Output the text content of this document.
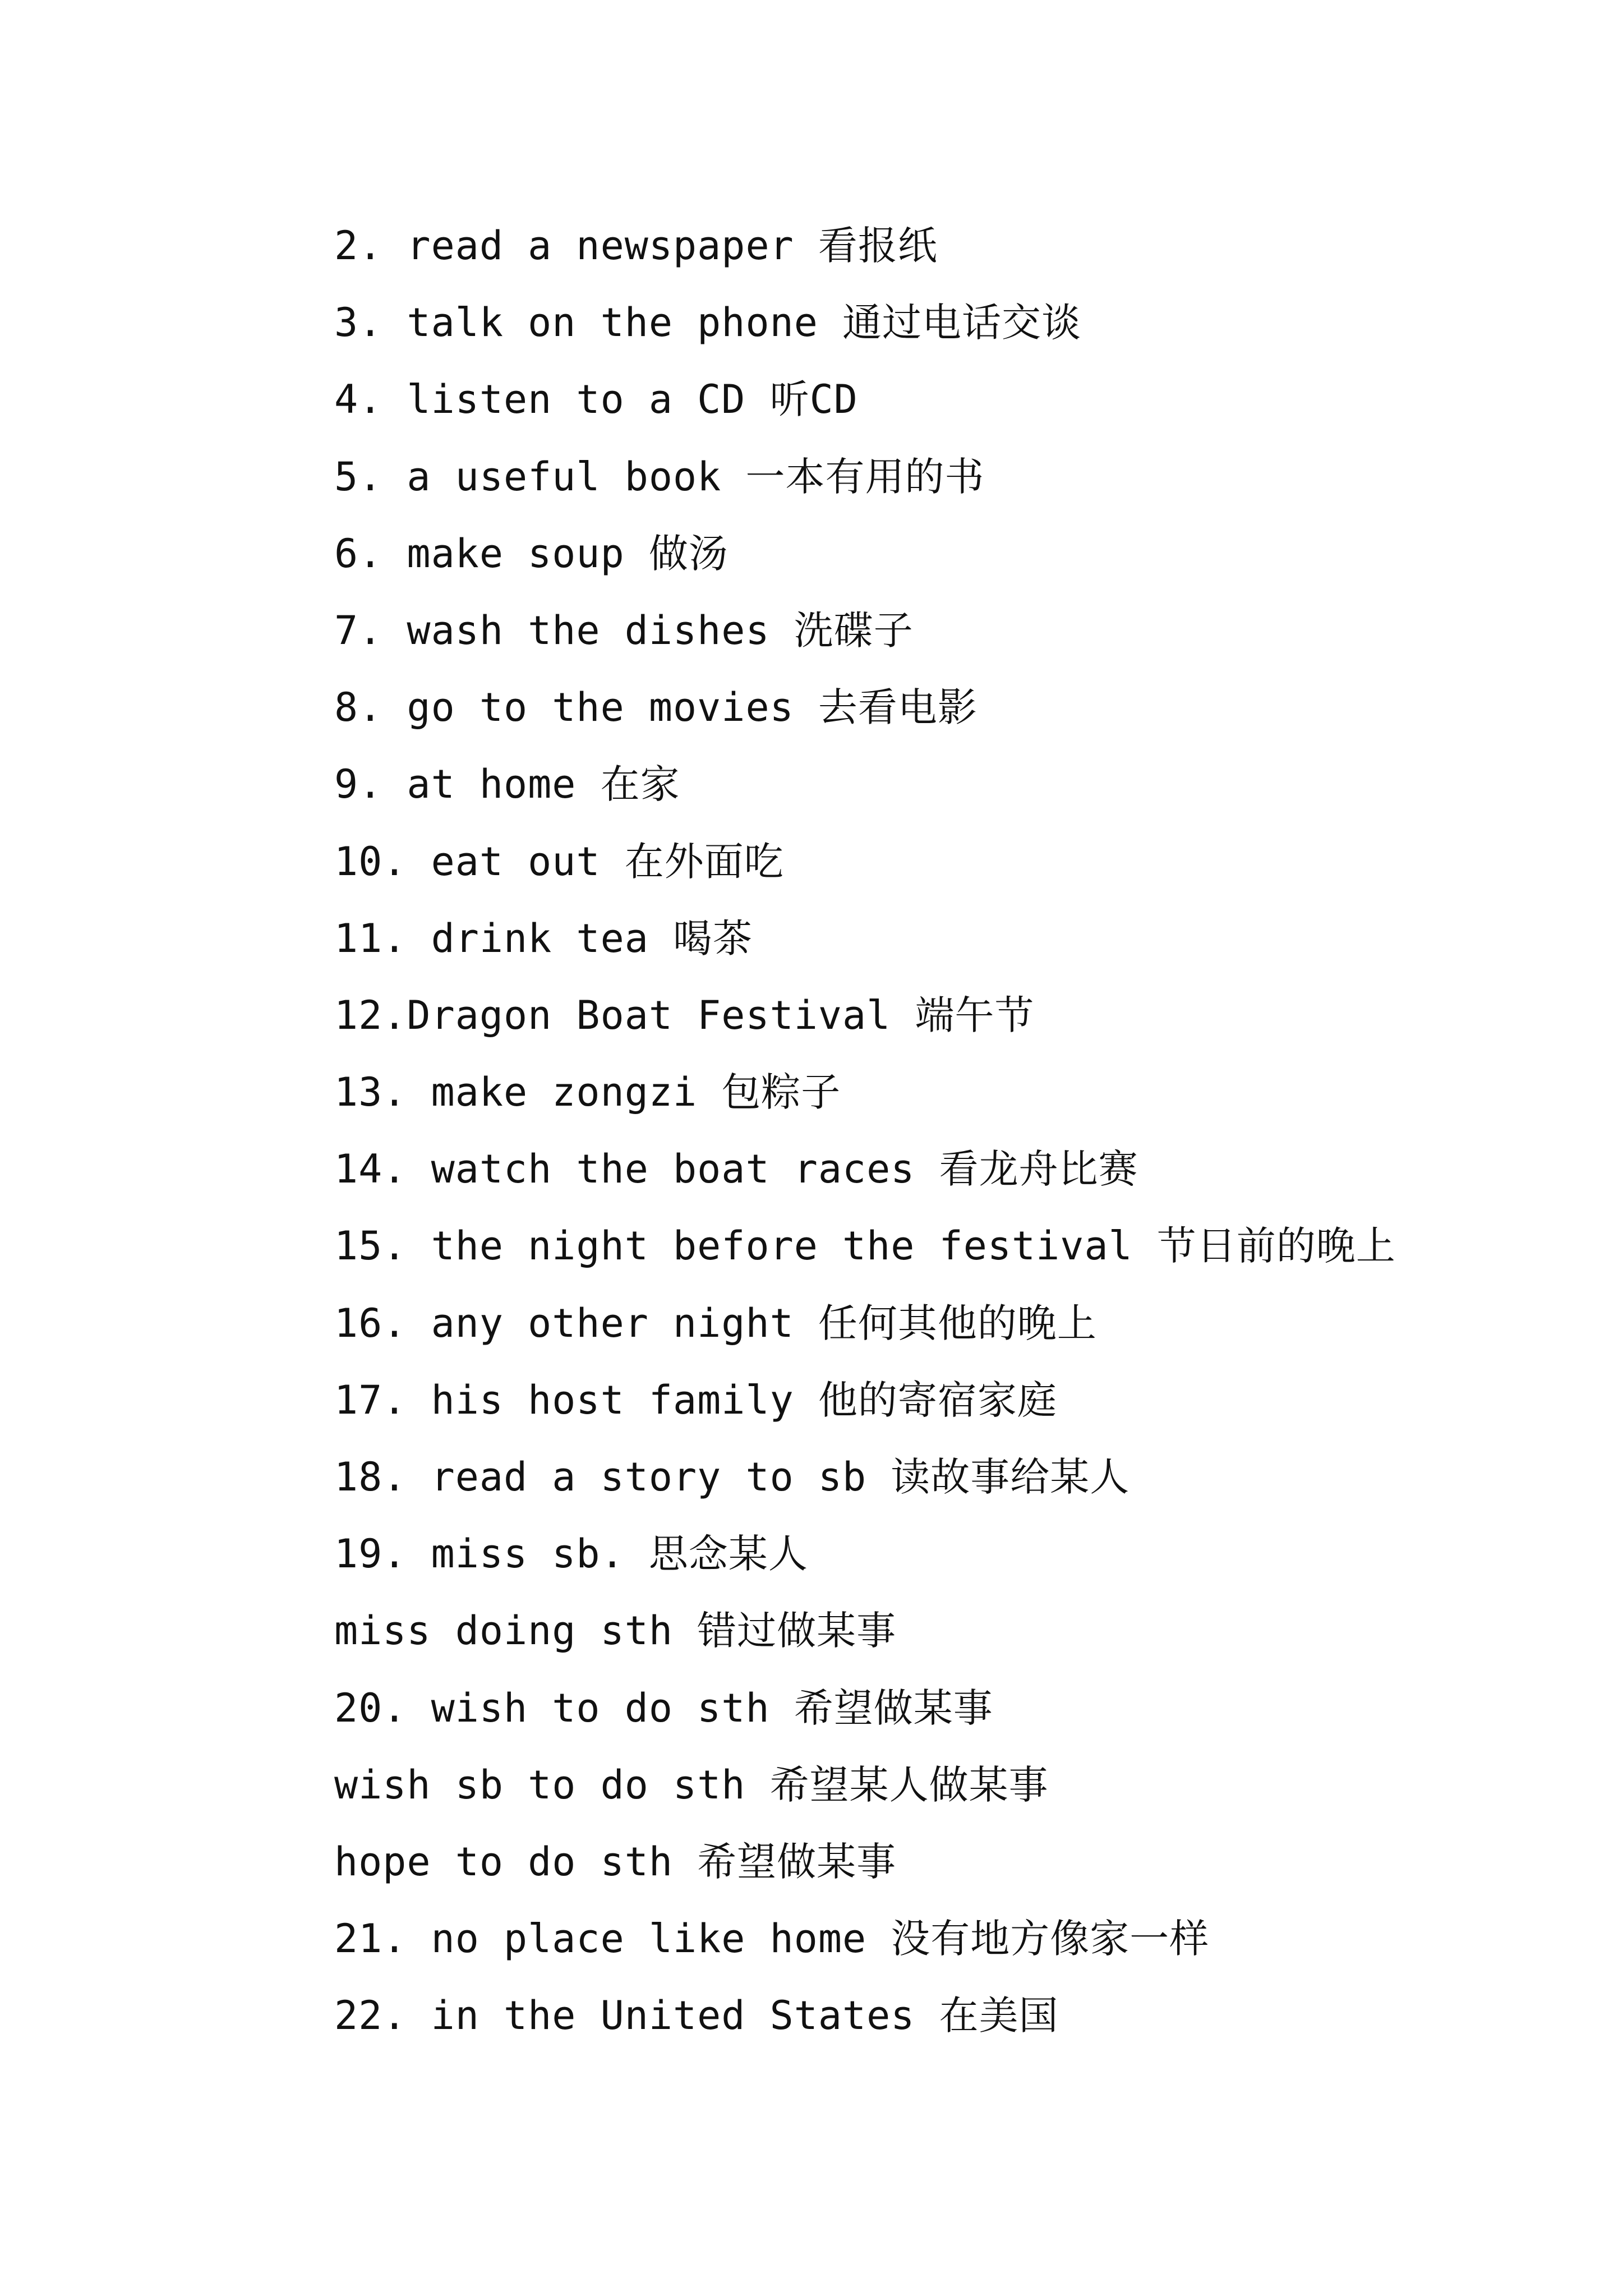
2. read a newspaper 看报纸
3. talk on the phone 通过电话交谈
4. listen to a CD 听CD
5. a useful book 一本有用的书
6. make soup 做汤
7. wash the dishes 洗碟子
8. go to the movies 去看电影
9. at home 在家
10. eat out 在外面吃
11. drink tea 喝茶
12.Dragon Boat Festival 端午节
13. make zongzi 包粽子
14. watch the boat races 看龙舟比赛
15. the night before the festival 节日前的晚上
16. any other night 任何其他的晚上
17. his host family 他的寄宿家庭
18. read a story to sb 读故事给某人
19. miss sb. 思念某人
miss doing sth 错过做某事
20. wish to do sth 希望做某事
wish sb to do sth 希望某人做某事
hope to do sth 希望做某事
21. no place like home 没有地方像家一样
22. in the United States 在美国
